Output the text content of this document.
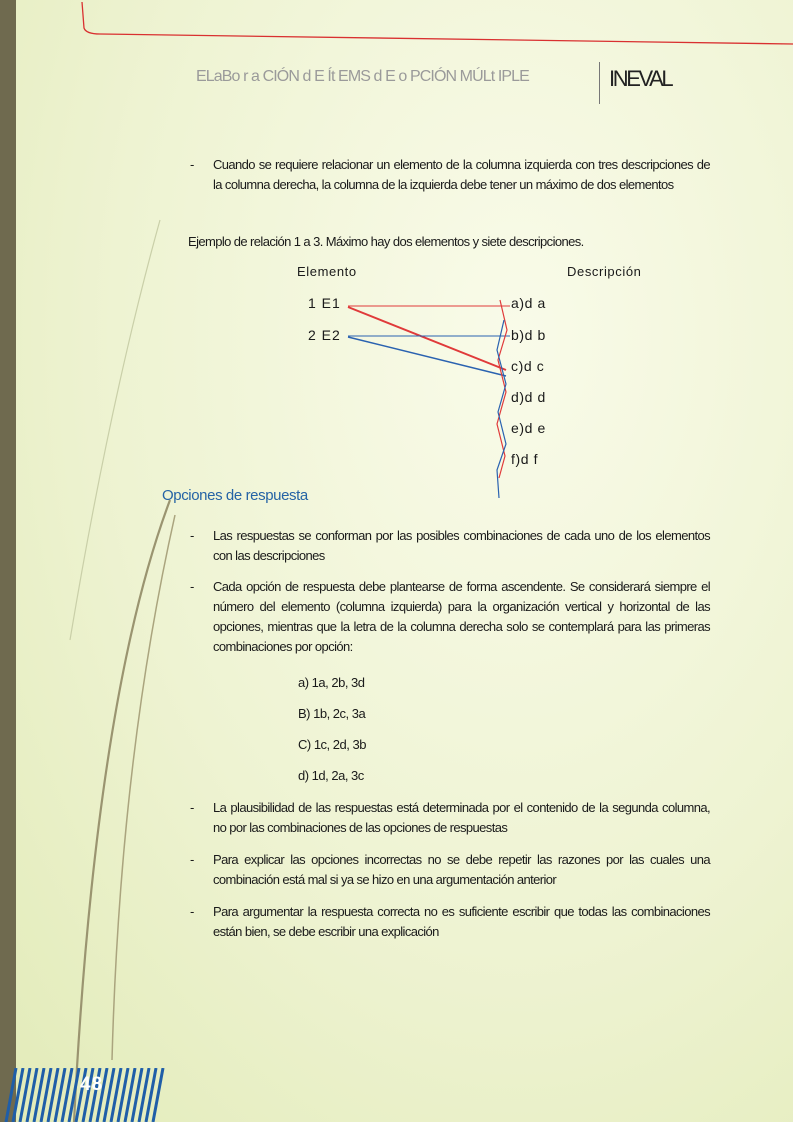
ELaBo r a CIÓN d E Ít EMS d E o PCIÓN MÚLt IPLE	INEVAL
- Cuando se requiere relacionar un elemento de la columna izquierda con tres descripciones de la columna derecha, la columna de la izquierda debe tener un máximo de dos elementos
Ejemplo de relación 1 a 3. Máximo hay dos elementos y siete descripciones.
Elemento	Descripción
1 E1
2 E2
a)d a
b)d b
c)d c
d)d d
e)d e
f)d f
Opciones de respuesta
- Las respuestas se conforman por las posibles combinaciones de cada uno de los elementos con las descripciones
- Cada opción de respuesta debe plantearse de forma ascendente. Se considerará siempre el número del elemento (columna izquierda) para la organización vertical y horizontal de las opciones, mientras que la letra de la columna derecha solo se contemplará para las primeras combinaciones por opción:
a) 1a, 2b, 3d
B) 1b, 2c, 3a
C) 1c, 2d, 3b
d) 1d, 2a, 3c
- La plausibilidad de las respuestas está determinada por el contenido de la segunda columna, no por las combinaciones de las opciones de respuestas
- Para explicar las opciones incorrectas no se debe repetir las razones por las cuales una combinación está mal si ya se hizo en una argumentación anterior
- Para argumentar la respuesta correcta no es suficiente escribir que todas las combinaciones están bien, se debe escribir una explicación
48
